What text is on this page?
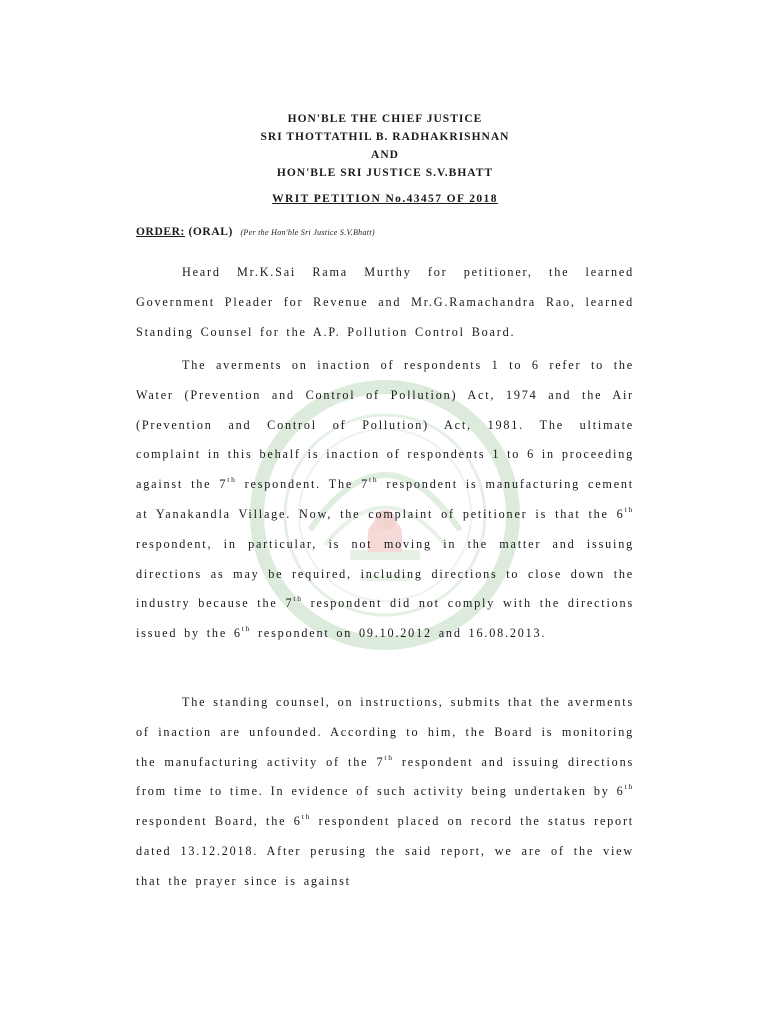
HON'BLE THE CHIEF JUSTICE
SRI THOTTATHIL B. RADHAKRISHNAN
AND
HON'BLE SRI JUSTICE S.V.BHATT
WRIT PETITION No.43457 OF 2018
ORDER: (ORAL) (Per the Hon'ble Sri Justice S.V.Bhatt)

Heard Mr.K.Sai Rama Murthy for petitioner, the learned Government Pleader for Revenue and Mr.G.Ramachandra Rao, learned Standing Counsel for the A.P. Pollution Control Board.

The averments on inaction of respondents 1 to 6 refer to the Water (Prevention and Control of Pollution) Act, 1974 and the Air (Prevention and Control of Pollution) Act, 1981. The ultimate complaint in this behalf is inaction of respondents 1 to 6 in proceeding against the 7th respondent. The 7th respondent is manufacturing cement at Yanakandla Village. Now, the complaint of petitioner is that the 6th respondent, in particular, is not moving in the matter and issuing directions as may be required, including directions to close down the industry because the 7th respondent did not comply with the directions issued by the 6th respondent on 09.10.2012 and 16.08.2013.

The standing counsel, on instructions, submits that the averments of inaction are unfounded. According to him, the Board is monitoring the manufacturing activity of the 7th respondent and issuing directions from time to time. In evidence of such activity being undertaken by 6th respondent Board, the 6th respondent placed on record the status report dated 13.12.2018. After perusing the said report, we are of the view that the prayer since is against
